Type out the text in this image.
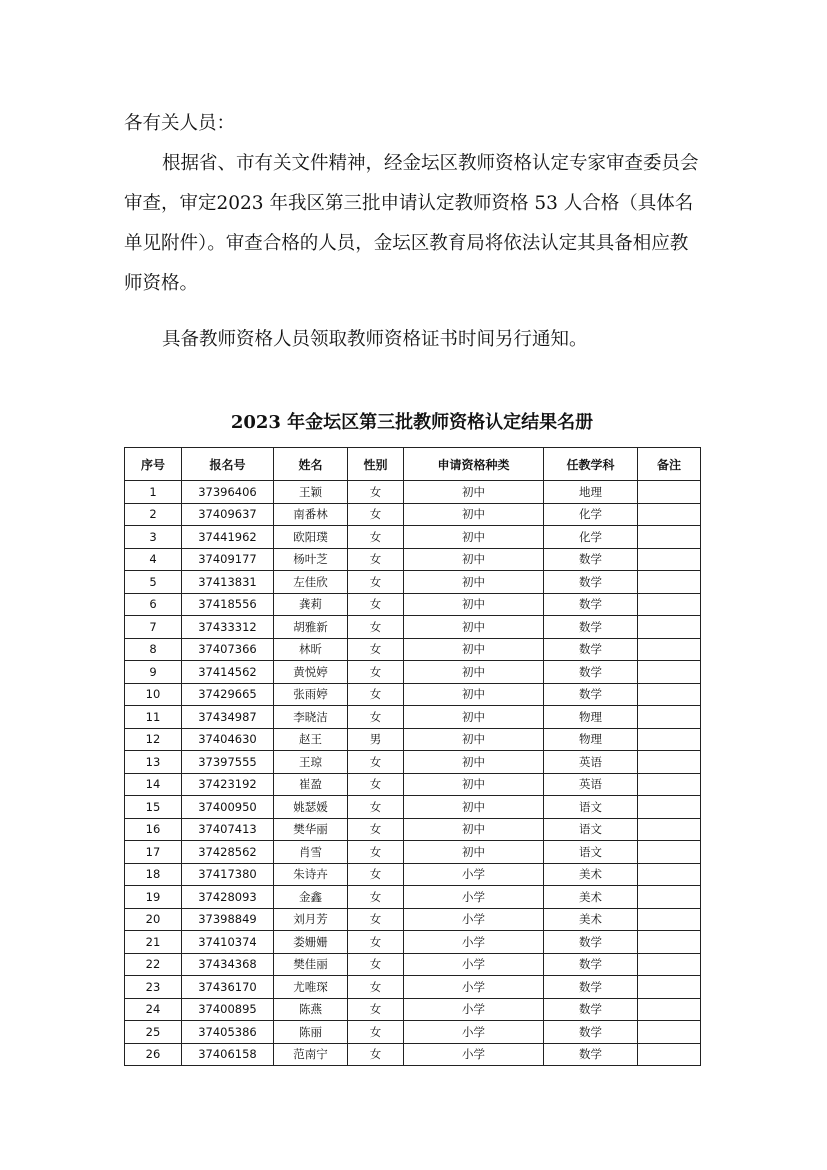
各有关人员：

根据省、市有关文件精神，经金坛区教师资格认定专家审查委员会审查，审定2023 年我区第三批申请认定教师资格 53 人合格（具体名单见附件）。审查合格的人员，金坛区教育局将依法认定其具备相应教师资格。

具备教师资格人员领取教师资格证书时间另行通知。

2023 年金坛区第三批教师资格认定结果名册
序号	报名号	姓名	性别	申请资格种类	任教学科	备注
1	37396406	王颖	女	初中	地理	
2	37409637	南番林	女	初中	化学	
3	37441962	欧阳璞	女	初中	化学	
4	37409177	杨叶芝	女	初中	数学	
5	37413831	左佳欣	女	初中	数学	
6	37418556	龚莉	女	初中	数学	
7	37433312	胡雅新	女	初中	数学	
8	37407366	林昕	女	初中	数学	
9	37414562	黄悦婷	女	初中	数学	
10	37429665	张雨婷	女	初中	数学	
11	37434987	李晓洁	女	初中	物理	
12	37404630	赵王	男	初中	物理	
13	37397555	王琼	女	初中	英语	
14	37423192	崔盈	女	初中	英语	
15	37400950	姚瑟媛	女	初中	语文	
16	37407413	樊华丽	女	初中	语文	
17	37428562	肖雪	女	初中	语文	
18	37417380	朱诗卉	女	小学	美术	
19	37428093	金鑫	女	小学	美术	
20	37398849	刘月芳	女	小学	美术	
21	37410374	娄姗姗	女	小学	数学	
22	37434368	樊佳丽	女	小学	数学	
23	37436170	尤唯琛	女	小学	数学	
24	37400895	陈燕	女	小学	数学	
25	37405386	陈丽	女	小学	数学	
26	37406158	范南宁	女	小学	数学	
